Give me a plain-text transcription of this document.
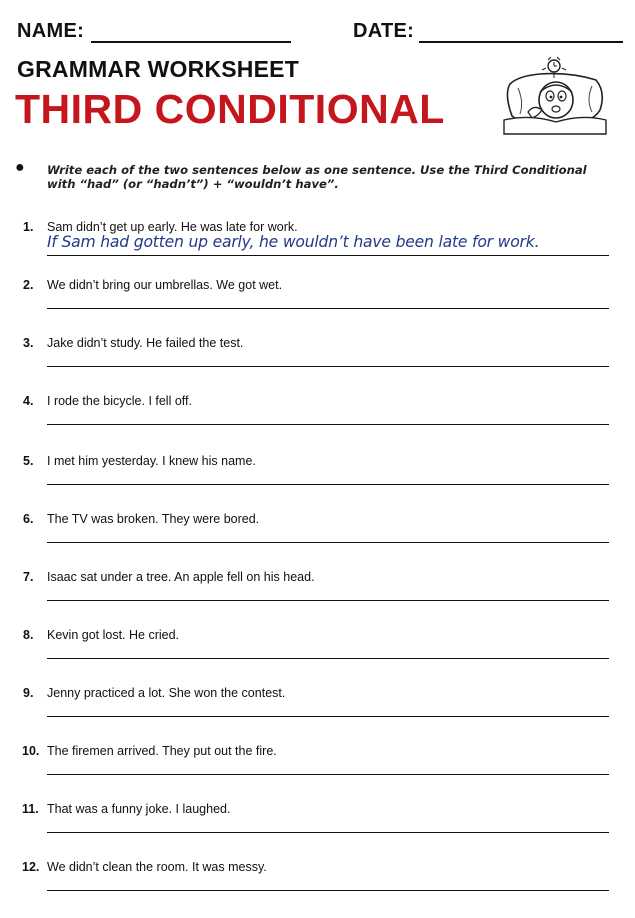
NAME:	DATE:
GRAMMAR WORKSHEET
THIRD CONDITIONAL
● Write each of the two sentences below as one sentence. Use the Third Conditional with “had” (or “hadn’t”) + “wouldn’t have”.
1. Sam didn’t get up early. He was late for work.
If Sam had gotten up early, he wouldn’t have been late for work.
2. We didn’t bring our umbrellas. We got wet.
3. Jake didn’t study. He failed the test.
4. I rode the bicycle. I fell off.
5. I met him yesterday. I knew his name.
6. The TV was broken. They were bored.
7. Isaac sat under a tree. An apple fell on his head.
8. Kevin got lost. He cried.
9. Jenny practiced a lot. She won the contest.
10. The firemen arrived. They put out the fire.
11. That was a funny joke. I laughed.
12. We didn’t clean the room. It was messy.
